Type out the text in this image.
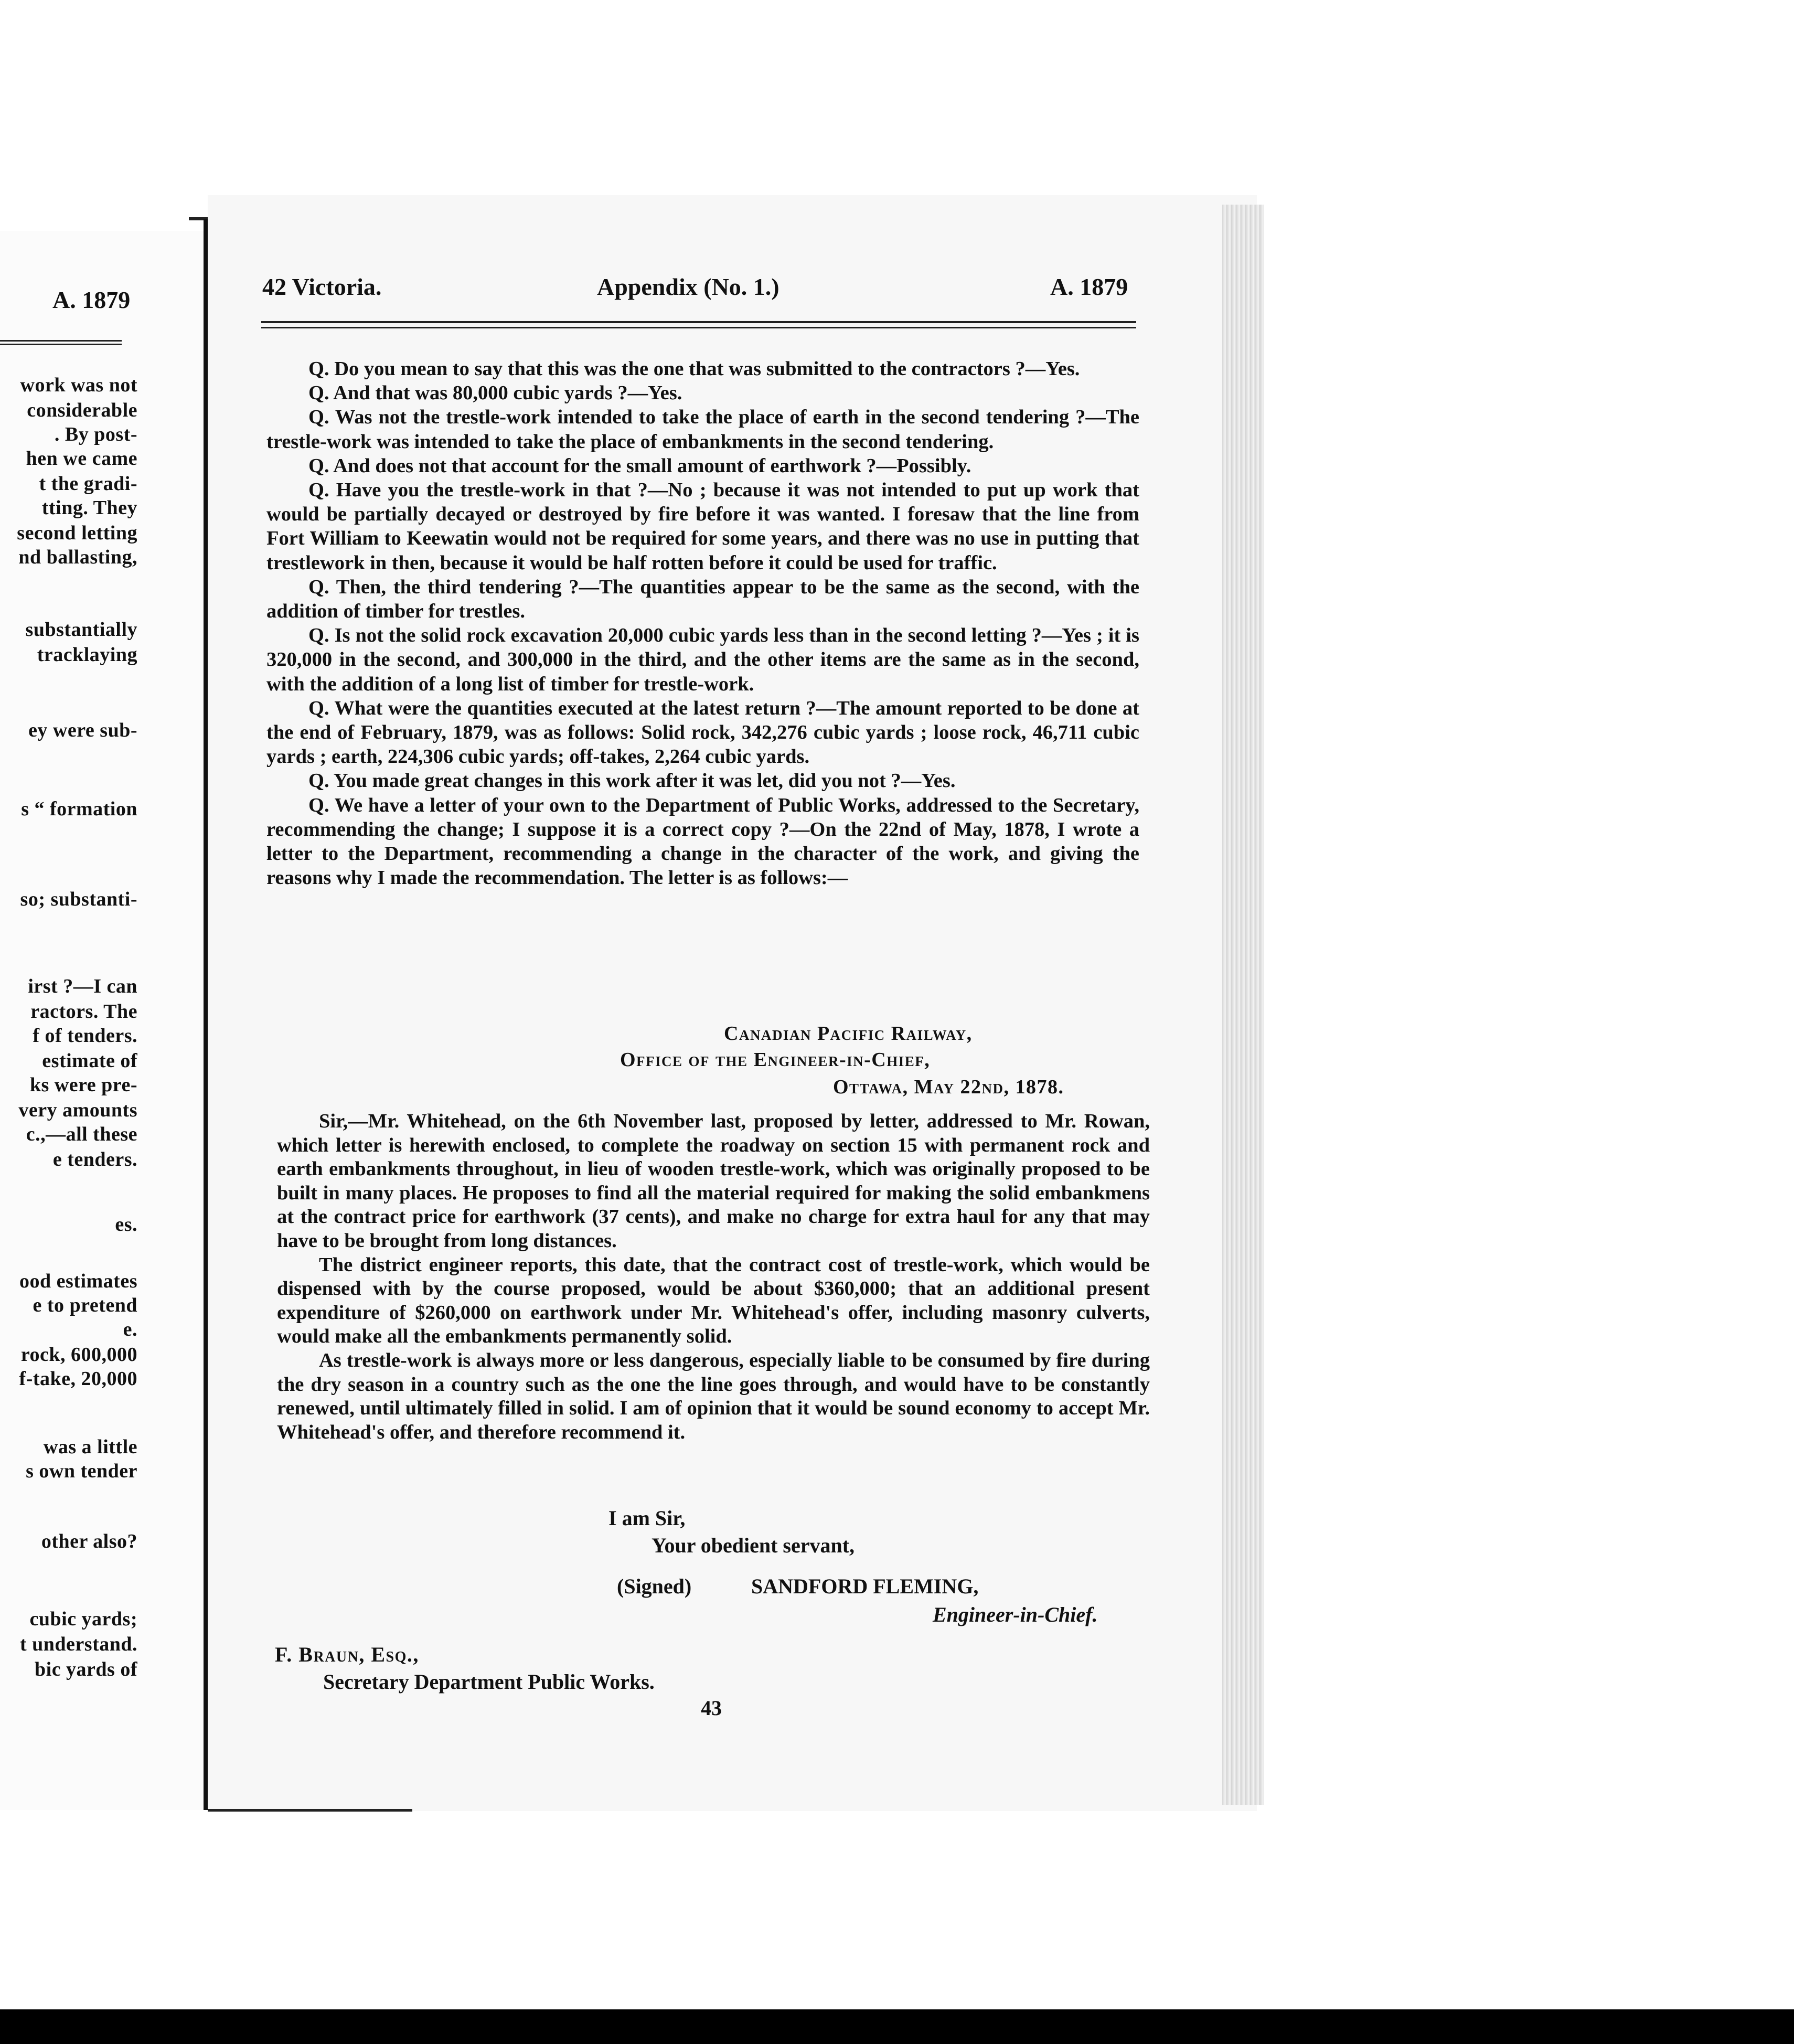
A. 1879
work was not
considerable
. By post-
hen we came
t the gradi-
tting. They
second letting
nd ballasting,
substantially
tracklaying
ey were sub-
s “ formation
so; substanti-
irst ?—I can
ractors. The
f of tenders.
estimate of
ks were pre-
very amounts
c.,—all these
e tenders.
es.
ood estimates
e to pretend
e.
rock, 600,000
f-take, 20,000
was a little
s own tender
other also?
cubic yards;
t understand.
bic yards of
42 Victoria.	Appendix (No. 1.)	A. 1879

Q. Do you mean to say that this was the one that was submitted to the contractors ?—Yes.

Q. And that was 80,000 cubic yards ?—Yes.

Q. Was not the trestle-work intended to take the place of earth in the second tendering ?—The trestle-work was intended to take the place of embankments in the second tendering.

Q. And does not that account for the small amount of earthwork ?—Possibly.

Q. Have you the trestle-work in that ?—No ; because it was not intended to put up work that would be partially decayed or destroyed by fire before it was wanted. I foresaw that the line from Fort William to Keewatin would not be required for some years, and there was no use in putting that trestlework in then, because it would be half rotten before it could be used for traffic.

Q. Then, the third tendering ?—The quantities appear to be the same as the second, with the addition of timber for trestles.

Q. Is not the solid rock excavation 20,000 cubic yards less than in the second letting ?—Yes ; it is 320,000 in the second, and 300,000 in the third, and the other items are the same as in the second, with the addition of a long list of timber for trestle-work.

Q. What were the quantities executed at the latest return ?—The amount reported to be done at the end of February, 1879, was as follows: Solid rock, 342,276 cubic yards ; loose rock, 46,711 cubic yards ; earth, 224,306 cubic yards; off-takes, 2,264 cubic yards.

Q. You made great changes in this work after it was let, did you not ?—Yes.

Q. We have a letter of your own to the Department of Public Works, addressed to the Secretary, recommending the change; I suppose it is a correct copy ?—On the 22nd of May, 1878, I wrote a letter to the Department, recommending a change in the character of the work, and giving the reasons why I made the recommendation. The letter is as follows:—

Canadian Pacific Railway,
Office of the Engineer-in-Chief,
Ottawa, May 22nd, 1878.

Sir,—Mr. Whitehead, on the 6th November last, proposed by letter, addressed to Mr. Rowan, which letter is herewith enclosed, to complete the roadway on section 15 with permanent rock and earth embankments throughout, in lieu of wooden trestle-work, which was originally proposed to be built in many places. He proposes to find all the material required for making the solid embankmens at the contract price for earthwork (37 cents), and make no charge for extra haul for any that may have to be brought from long distances.

The district engineer reports, this date, that the contract cost of trestle-work, which would be dispensed with by the course proposed, would be about $360,000; that an additional present expenditure of $260,000 on earthwork under Mr. Whitehead's offer, including masonry culverts, would make all the embankments permanently solid.

As trestle-work is always more or less dangerous, especially liable to be consumed by fire during the dry season in a country such as the one the line goes through, and would have to be constantly renewed, until ultimately filled in solid. I am of opinion that it would be sound economy to accept Mr. Whitehead's offer, and therefore recommend it.

I am Sir,
Your obedient servant,
(Signed)	SANDFORD FLEMING,
Engineer-in-Chief.
F. Braun, Esq.,
Secretary Department Public Works.
43
